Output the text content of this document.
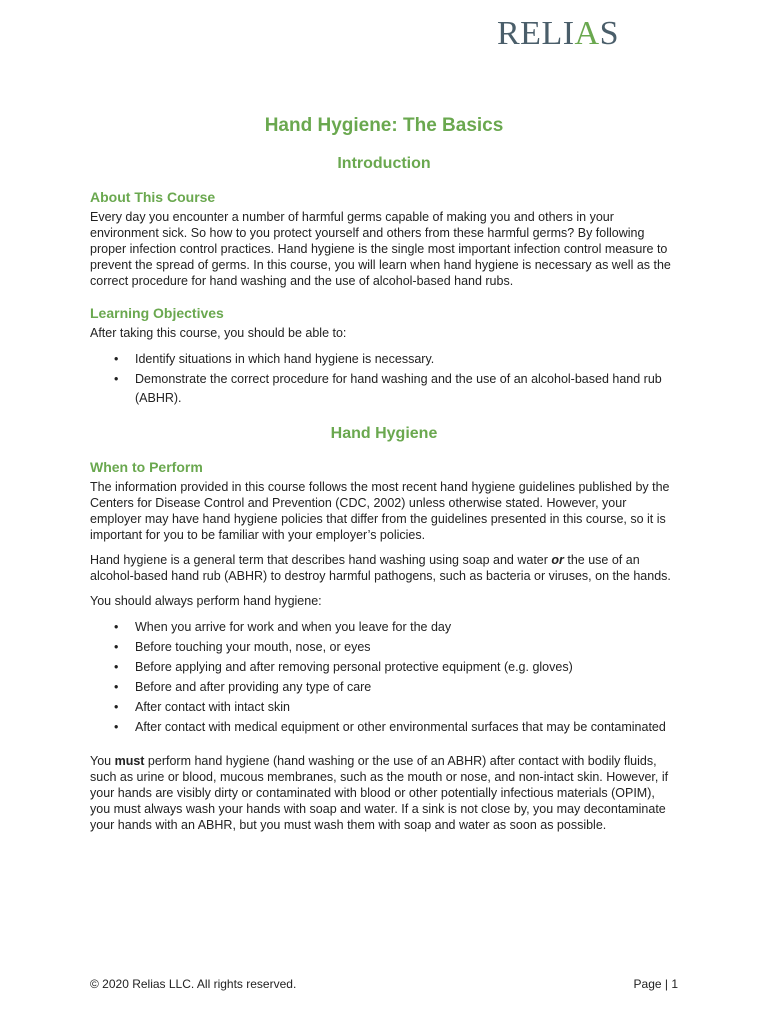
RELIAS
Hand Hygiene: The Basics
Introduction
About This Course

Every day you encounter a number of harmful germs capable of making you and others in your environment sick. So how to you protect yourself and others from these harmful germs? By following proper infection control practices. Hand hygiene is the single most important infection control measure to prevent the spread of germs. In this course, you will learn when hand hygiene is necessary as well as the correct procedure for hand washing and the use of alcohol-based hand rubs.

Learning Objectives

After taking this course, you should be able to:

• Identify situations in which hand hygiene is necessary.
• Demonstrate the correct procedure for hand washing and the use of an alcohol-based hand rub (ABHR).
Hand Hygiene
When to Perform

The information provided in this course follows the most recent hand hygiene guidelines published by the Centers for Disease Control and Prevention (CDC, 2002) unless otherwise stated. However, your employer may have hand hygiene policies that differ from the guidelines presented in this course, so it is important for you to be familiar with your employer’s policies.

Hand hygiene is a general term that describes hand washing using soap and water or the use of an alcohol-based hand rub (ABHR) to destroy harmful pathogens, such as bacteria or viruses, on the hands.

You should always perform hand hygiene:

• When you arrive for work and when you leave for the day
• Before touching your mouth, nose, or eyes
• Before applying and after removing personal protective equipment (e.g. gloves)
• Before and after providing any type of care
• After contact with intact skin
• After contact with medical equipment or other environmental surfaces that may be contaminated

You must perform hand hygiene (hand washing or the use of an ABHR) after contact with bodily fluids, such as urine or blood, mucous membranes, such as the mouth or nose, and non-intact skin. However, if your hands are visibly dirty or contaminated with blood or other potentially infectious materials (OPIM), you must always wash your hands with soap and water. If a sink is not close by, you may decontaminate your hands with an ABHR, but you must wash them with soap and water as soon as possible.

© 2020 Relias LLC. All rights reserved.	Page | 1
